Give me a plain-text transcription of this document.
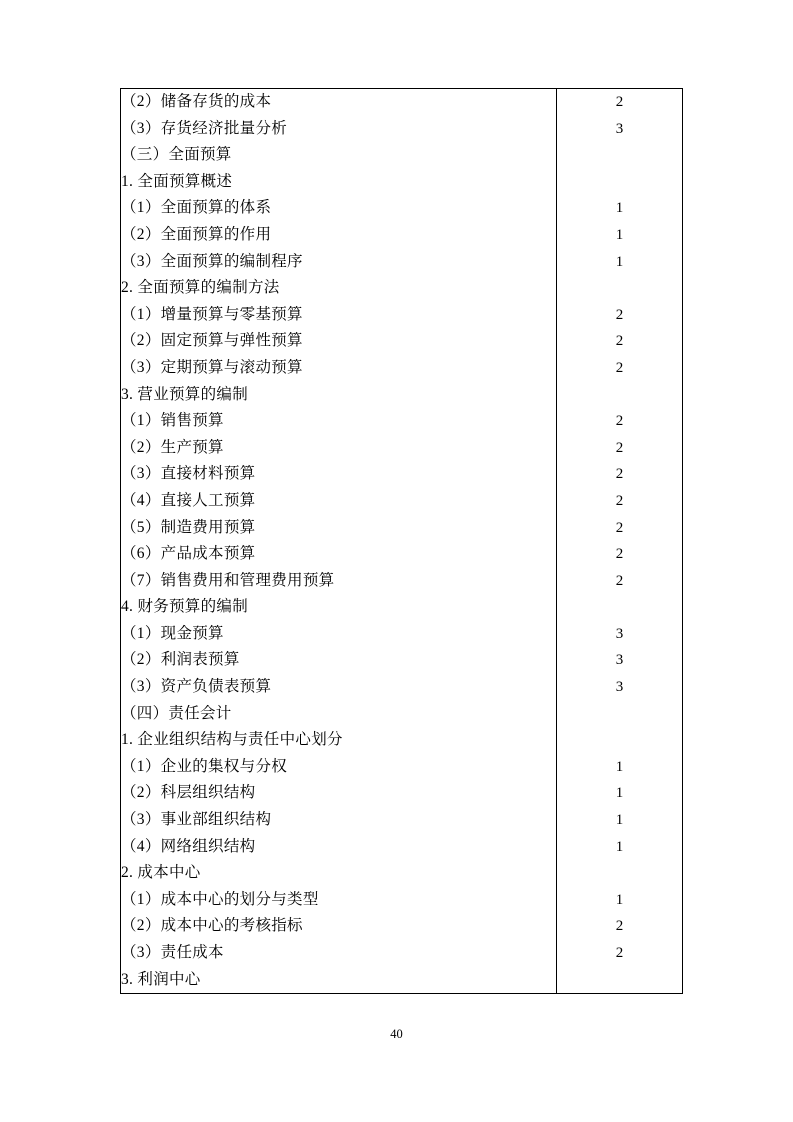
（2）储备存货的成本	2
（3）存货经济批量分析	3
（三）全面预算	
1. 全面预算概述	
（1）全面预算的体系	1
（2）全面预算的作用	1
（3）全面预算的编制程序	1
2. 全面预算的编制方法	
（1）增量预算与零基预算	2
（2）固定预算与弹性预算	2
（3）定期预算与滚动预算	2
3. 营业预算的编制	
（1）销售预算	2
（2）生产预算	2
（3）直接材料预算	2
（4）直接人工预算	2
（5）制造费用预算	2
（6）产品成本预算	2
（7）销售费用和管理费用预算	2
4. 财务预算的编制	
（1）现金预算	3
（2）利润表预算	3
（3）资产负债表预算	3
（四）责任会计	
1. 企业组织结构与责任中心划分	
（1）企业的集权与分权	1
（2）科层组织结构	1
（3）事业部组织结构	1
（4）网络组织结构	1
2. 成本中心	
（1）成本中心的划分与类型	1
（2）成本中心的考核指标	2
（3）责任成本	2
3. 利润中心	
40
